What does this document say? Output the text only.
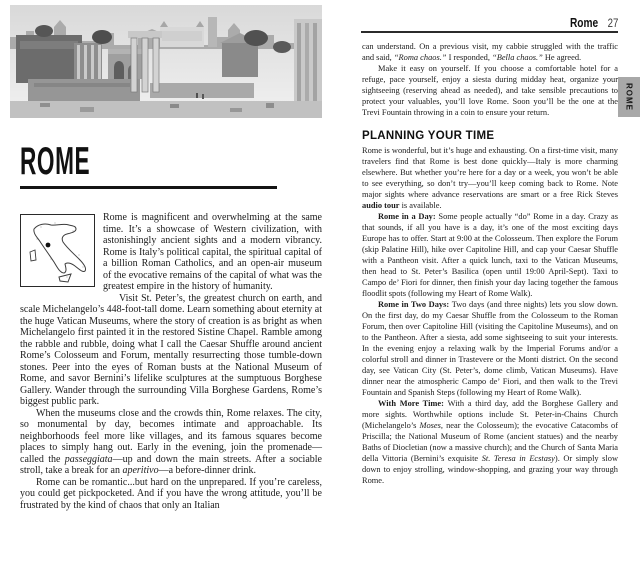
ROME

Rome is magnificent and overwhelming at the same time. It’s a showcase of Western civilization, with astonishingly ancient sights and a modern vibrancy. Rome is Italy’s political capital, the spiritual capital of a billion Roman Catholics, and an open-air museum of the evocative remains of the capital of what was the greatest empire in the history of humanity.

Visit St. Peter’s, the greatest church on earth, and scale Michelangelo’s 448-foot-tall dome. Learn something about eternity at the huge Vatican Museums, where the story of creation is as bright as when Michelangelo first painted it in the restored Sistine Chapel. Ramble among the rabble and rubble, doing what I call the Caesar Shuffle around ancient Rome’s Colosseum and Forum, mentally resurrecting those tumble-down stones. Peer into the eyes of Roman busts at the National Museum of Rome, and savor Bernini’s lifelike sculptures at the sumptuous Borghese Gallery. Wander through the surrounding Villa Borghese Gardens, Rome’s biggest public park.

When the museums close and the crowds thin, Rome relaxes. The city, so monumental by day, becomes intimate and approachable. Its neighborhoods feel more like villages, and its famous squares become places to simply hang out. Early in the evening, join the promenade—called the passeggiata—up and down the main streets. After a sociable stroll, take a break for an aperitivo—a before-dinner drink.

Rome can be romantic...but hard on the unprepared. If you’re careless, you could get pickpocketed. And if you have the wrong attitude, you’ll be frustrated by the kind of chaos that only an Italian

Rome 27

can understand. On a previous visit, my cabbie struggled with the traffic and said, “Roma chaos.” I responded, “Bella chaos.” He agreed.

Make it easy on yourself. If you choose a comfortable hotel for a refuge, pace yourself, enjoy a siesta during midday heat, organize your sightseeing (reserving ahead as needed), and take sensible precautions to protect your valuables, you’ll love Rome. Soon you’ll be the one at the Trevi Fountain throwing in a coin to ensure your return.

PLANNING YOUR TIME

Rome is wonderful, but it’s huge and exhausting. On a first-time visit, many travelers find that Rome is best done quickly—Italy is more charming elsewhere. But whether you’re here for a day or a week, you won’t be able to see everything, so don’t try—you’ll keep coming back to Rome. Note major sights where advance reservations are smart or a free Rick Steves audio tour is available.

Rome in a Day: Some people actually “do” Rome in a day. Crazy as that sounds, if all you have is a day, it’s one of the most exciting days Europe has to offer. Start at 9:00 at the Colosseum. Then explore the Forum (skip Palatine Hill), hike over Capitoline Hill, and cap your Caesar Shuffle with a Pantheon visit. After a quick lunch, taxi to the Vatican Museums, then head to St. Peter’s Basilica (open until 19:00 April-Sept). Taxi to Campo de’ Fiori for dinner, then finish your day lacing together the famous floodlit spots (following my Heart of Rome Walk).

Rome in Two Days: Two days (and three nights) lets you slow down. On the first day, do my Caesar Shuffle from the Colosseum to the Roman Forum, then over Capitoline Hill (visiting the Capitoline Museums), and on to the Pantheon. After a siesta, add some sightseeing to suit your interests. In the evening enjoy a relaxing walk by the Imperial Forums and/or a colorful stroll and dinner in Trastevere or the Monti district. On the second day, see Vatican City (St. Peter’s, dome climb, Vatican Museums). Have dinner near the atmospheric Campo de’ Fiori, and then walk to the Trevi Fountain and Spanish Steps (following my Heart of Rome Walk).

With More Time: With a third day, add the Borghese Gallery and more sights. Worthwhile options include St. Peter-in-Chains Church (Michelangelo’s Moses, near the Colosseum); the evocative Catacombs of Priscilla; the National Museum of Rome (ancient statues) and the nearby Baths of Diocletian (now a massive church); and the Church of Santa Maria della Vittoria (Bernini’s exquisite St. Teresa in Ecstasy). Or simply slow down to enjoy strolling, window-shopping, and grazing your way through Rome.

ROME
